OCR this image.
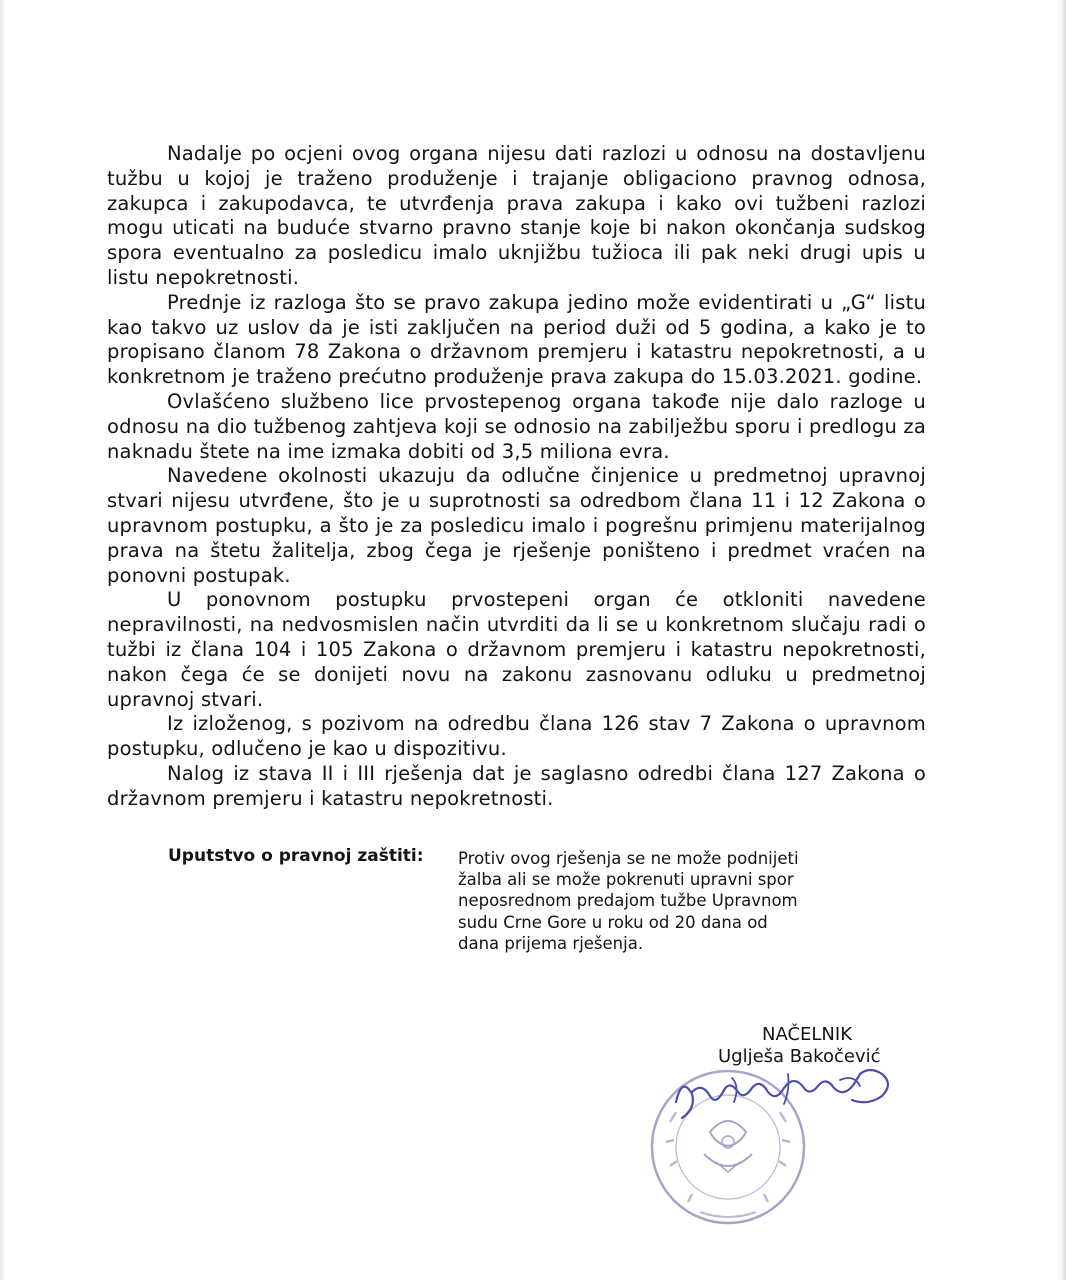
Nadalje po ocjeni ovog organa nijesu dati razlozi u odnosu na dostavljenu tužbu u kojoj je traženo produženje i trajanje obligaciono pravnog odnosa, zakupca i zakupodavca, te utvrđenja prava zakupa i kako ovi tužbeni razlozi mogu uticati na buduće stvarno pravno stanje koje bi nakon okončanja sudskog spora eventualno za posledicu imalo uknjižbu tužioca ili pak neki drugi upis u listu nepokretnosti.

Prednje iz razloga što se pravo zakupa jedino može evidentirati u „G“ listu kao takvo uz uslov da je isti zaključen na period duži od 5 godina, a kako je to propisano članom 78 Zakona o državnom premjeru i katastru nepokretnosti, a u konkretnom je traženo prećutno produženje prava zakupa do 15.03.2021. godine.

Ovlašćeno službeno lice prvostepenog organa takođe nije dalo razloge u odnosu na dio tužbenog zahtjeva koji se odnosio na zabilježbu sporu i predlogu za naknadu štete na ime izmaka dobiti od 3,5 miliona evra.

Navedene okolnosti ukazuju da odlučne činjenice u predmetnoj upravnoj stvari nijesu utvrđene, što je u suprotnosti sa odredbom člana 11 i 12 Zakona o upravnom postupku, a što je za posledicu imalo i pogrešnu primjenu materijalnog prava na štetu žalitelja, zbog čega je rješenje poništeno i predmet vraćen na ponovni postupak.

U ponovnom postupku prvostepeni organ će otkloniti navedene nepravilnosti, na nedvosmislen način utvrditi da li se u konkretnom slučaju radi o tužbi iz člana 104 i 105 Zakona o državnom premjeru i katastru nepokretnosti, nakon čega će se donijeti novu na zakonu zasnovanu odluku u predmetnoj upravnoj stvari.

Iz izloženog, s pozivom na odredbu člana 126 stav 7 Zakona o upravnom postupku, odlučeno je kao u dispozitivu.

Nalog iz stava II i III rješenja dat je saglasno odredbi člana 127 Zakona o državnom premjeru i katastru nepokretnosti.

Uputstvo o pravnoj zaštiti: Protiv ovog rješenja se ne može podnijeti
žalba ali se može pokrenuti upravni spor
neposrednom predajom tužbe Upravnom
sudu Crne Gore u roku od 20 dana od
dana prijema rješenja.
NAČELNIK
Uglješa Bakočević
